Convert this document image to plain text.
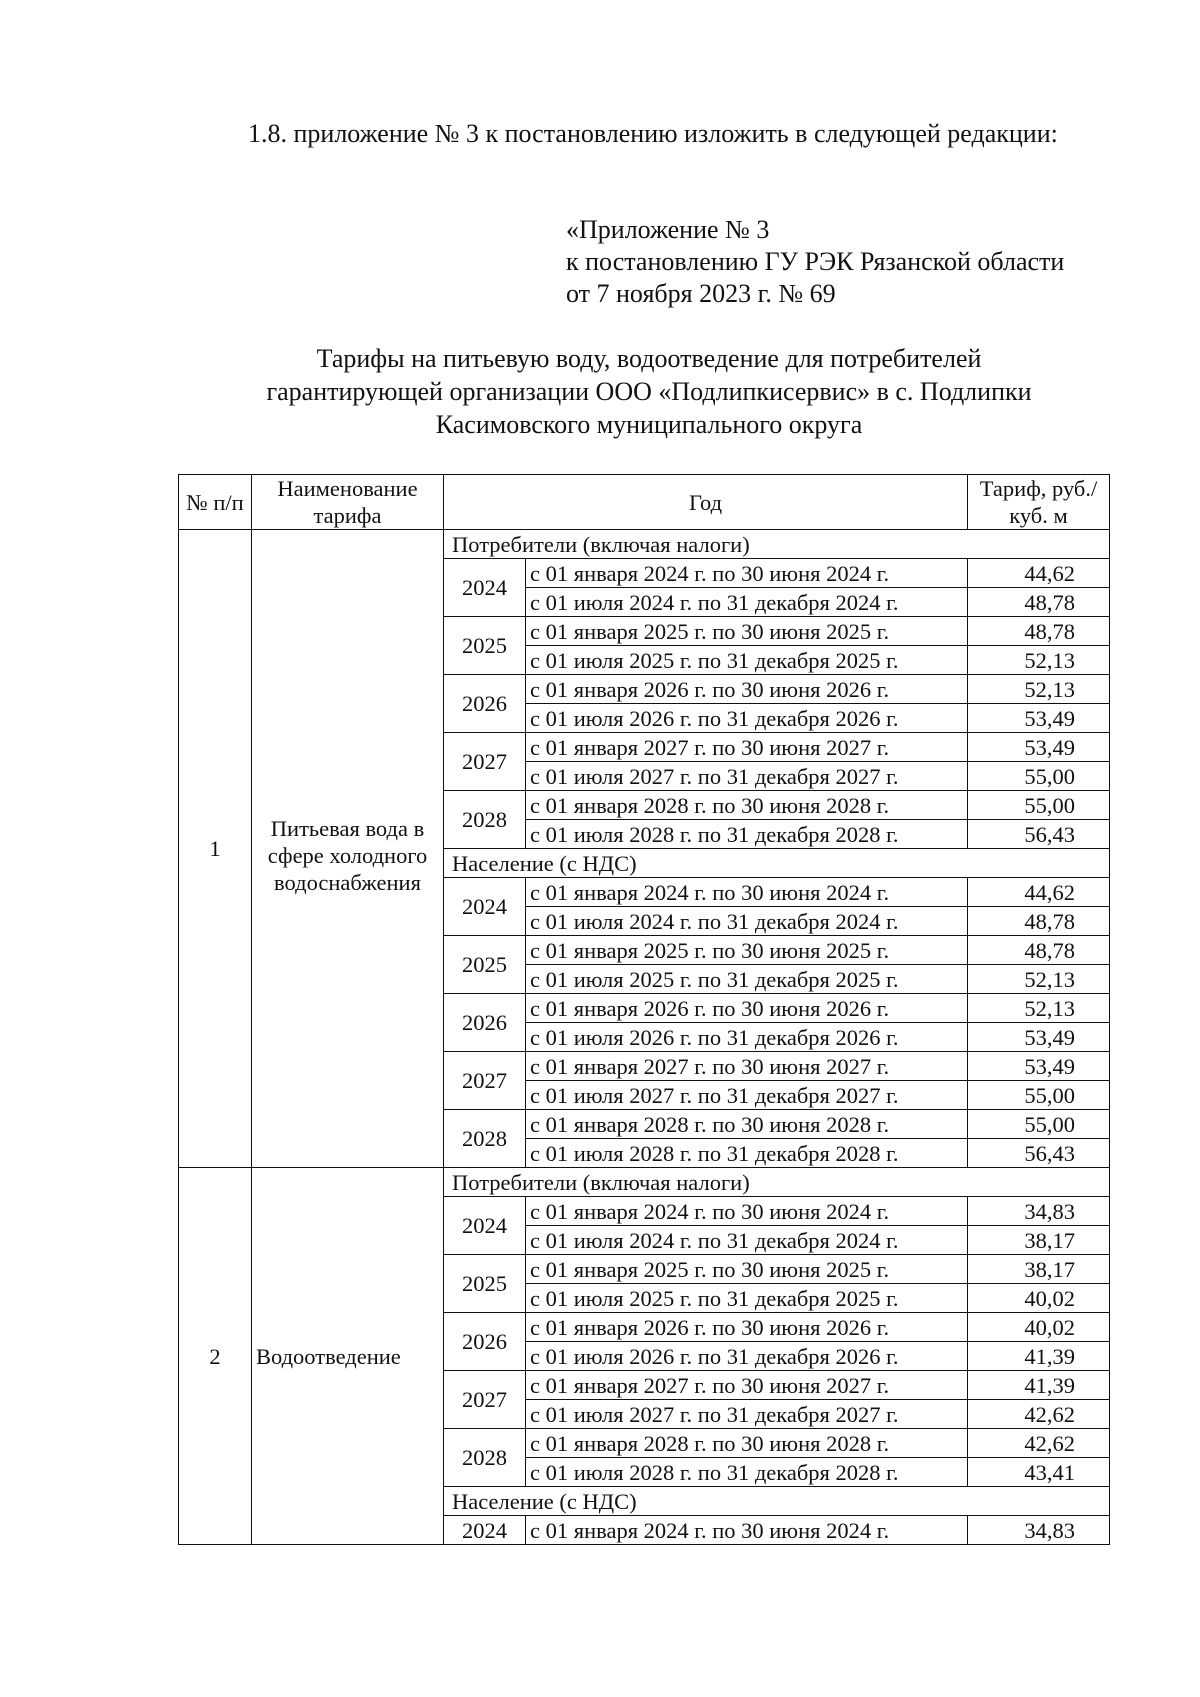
1.8. приложение № 3 к постановлению изложить в следующей редакции:
«Приложение № 3
к постановлению ГУ РЭК Рязанской области
от 7 ноября 2023 г. № 69
Тарифы на питьевую воду, водоотведение для потребителей
гарантирующей организации ООО «Подлипкисервис» в с. Подлипки
Касимовского муниципального округа
№ п/п	Наименование тарифа	Год		Тариф, руб./куб. м
1	Питьевая вода в сфере холодного водоснабжения	Потребители (включая налоги)		
		2024	с 01 января 2024 г. по 30 июня 2024 г.	44,62
			с 01 июля 2024 г. по 31 декабря 2024 г.	48,78
		2025	с 01 января 2025 г. по 30 июня 2025 г.	48,78
			с 01 июля 2025 г. по 31 декабря 2025 г.	52,13
		2026	с 01 января 2026 г. по 30 июня 2026 г.	52,13
			с 01 июля 2026 г. по 31 декабря 2026 г.	53,49
		2027	с 01 января 2027 г. по 30 июня 2027 г.	53,49
			с 01 июля 2027 г. по 31 декабря 2027 г.	55,00
		2028	с 01 января 2028 г. по 30 июня 2028 г.	55,00
			с 01 июля 2028 г. по 31 декабря 2028 г.	56,43
		Население (с НДС)		
		2024	с 01 января 2024 г. по 30 июня 2024 г.	44,62
			с 01 июля 2024 г. по 31 декабря 2024 г.	48,78
		2025	с 01 января 2025 г. по 30 июня 2025 г.	48,78
			с 01 июля 2025 г. по 31 декабря 2025 г.	52,13
		2026	с 01 января 2026 г. по 30 июня 2026 г.	52,13
			с 01 июля 2026 г. по 31 декабря 2026 г.	53,49
		2027	с 01 января 2027 г. по 30 июня 2027 г.	53,49
			с 01 июля 2027 г. по 31 декабря 2027 г.	55,00
		2028	с 01 января 2028 г. по 30 июня 2028 г.	55,00
			с 01 июля 2028 г. по 31 декабря 2028 г.	56,43
2	Водоотведение	Потребители (включая налоги)		
		2024	с 01 января 2024 г. по 30 июня 2024 г.	34,83
			с 01 июля 2024 г. по 31 декабря 2024 г.	38,17
		2025	с 01 января 2025 г. по 30 июня 2025 г.	38,17
			с 01 июля 2025 г. по 31 декабря 2025 г.	40,02
		2026	с 01 января 2026 г. по 30 июня 2026 г.	40,02
			с 01 июля 2026 г. по 31 декабря 2026 г.	41,39
		2027	с 01 января 2027 г. по 30 июня 2027 г.	41,39
			с 01 июля 2027 г. по 31 декабря 2027 г.	42,62
		2028	с 01 января 2028 г. по 30 июня 2028 г.	42,62
			с 01 июля 2028 г. по 31 декабря 2028 г.	43,41
		Население (с НДС)		
		2024	с 01 января 2024 г. по 30 июня 2024 г.	34,83
